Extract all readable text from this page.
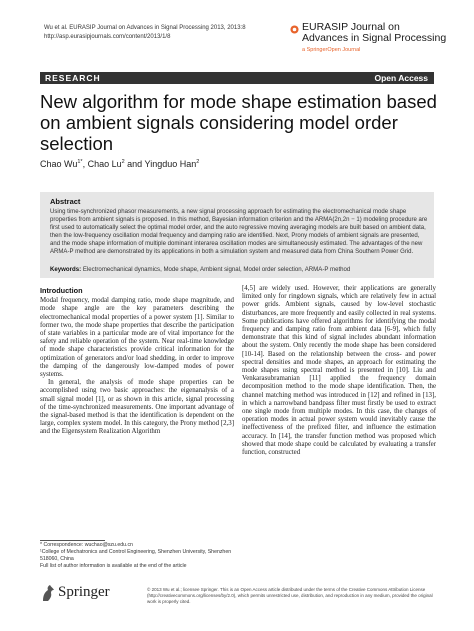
Wu et al. EURASIP Journal on Advances in Signal Processing 2013, 2013:8
http://asp.eurasipjournals.com/content/2013/1/8
EURASIP Journal on
Advances in Signal Processing
a SpringerOpen Journal
RESEARCH	Open Access
New algorithm for mode shape estimation based on ambient signals considering model order selection
Chao $Wu^{1*}$, Chao Lu$^2$ and Yingduo Han$^2$
Abstract

Using time-synchronized phasor measurements, a new signal processing approach for estimating the electromechanical mode shape properties from ambient signals is proposed. In this method, Bayesian information criterion and the ARMA(2n,2n − 1) modeling procedure are first used to automatically select the optimal model order, and the auto regressive moving averaging models are built based on ambient data, then the low-frequency oscillation modal frequency and damping ratio are identified. Next, Prony models of ambient signals are presented, and the mode shape information of multiple dominant interarea oscillation modes are simultaneously estimated. The advantages of the new ARMA-P method are demonstrated by its applications in both a simulation system and measured data from China Southern Power Grid.

Keywords: Electromechanical dynamics, Mode shape, Ambient signal, Model order selection, ARMA-P method
Introduction

Modal frequency, modal damping ratio, mode shape magnitude, and mode shape angle are the key parameters describing the electromechanical modal properties of a power system [1]. Similar to former two, the mode shape properties that describe the participation of state variables in a particular mode are of vital importance for the safety and reliable operation of the system. Near real-time knowledge of mode shape characteristics provide critical information for the optimization of generators and/or load shedding, in order to improve the damping of the dangerously low-damped modes of power systems.

In general, the analysis of mode shape properties can be accomplished using two basic approaches: the eigenanalysis of a small signal model [1], or as shown in this article, signal processing of the time-synchronized measurements. One important advantage of the signal-based method is that the identification is dependent on the large, complex system model. In this category, the Prony method [2,3] and the Eigensystem Realization Algorithm

[4,5] are widely used. However, their applications are generally limited only for ringdown signals, which are relatively few in actual power grids. Ambient signals, caused by low-level stochastic disturbances, are more frequently and easily collected in real systems. Some publications have offered algorithms for identifying the modal frequency and damping ratio from ambient data [6-9], which fully demonstrate that this kind of signal includes abundant information about the system. Only recently the mode shape has been considered [10-14]. Based on the relationship between the cross- and power spectral densities and mode shapes, an approach for estimating the mode shapes using spectral method is presented in [10]. Liu and Venkarasubramanian [11] applied the frequency domain decomposition method to the mode shape identification. Then, the channel matching method was introduced in [12] and refined in [13], in which a narrowband bandpass filter must firstly be used to extract one single mode from multiple modes. In this case, the changes of operation modes in actual power system would inevitably cause the ineffectiveness of the prefixed filter, and influence the estimation accuracy. In [14], the transfer function method was proposed which showed that mode shape could be calculated by evaluating a transfer function, constructed

* Correspondence: wuchao@szu.edu.cn

¹College of Mechatronics and Control Engineering, Shenzhen University, Shenzhen 518060, China

Full list of author information is available at the end of the article

Springer	© 2013 Wu et al.; licensee Springer. This is an Open Access article distributed under the terms of the Creative Commons Attribution License (http://creativecommons.org/licenses/by/2.0), which permits unrestricted use, distribution, and reproduction in any medium, provided the original work is properly cited.
